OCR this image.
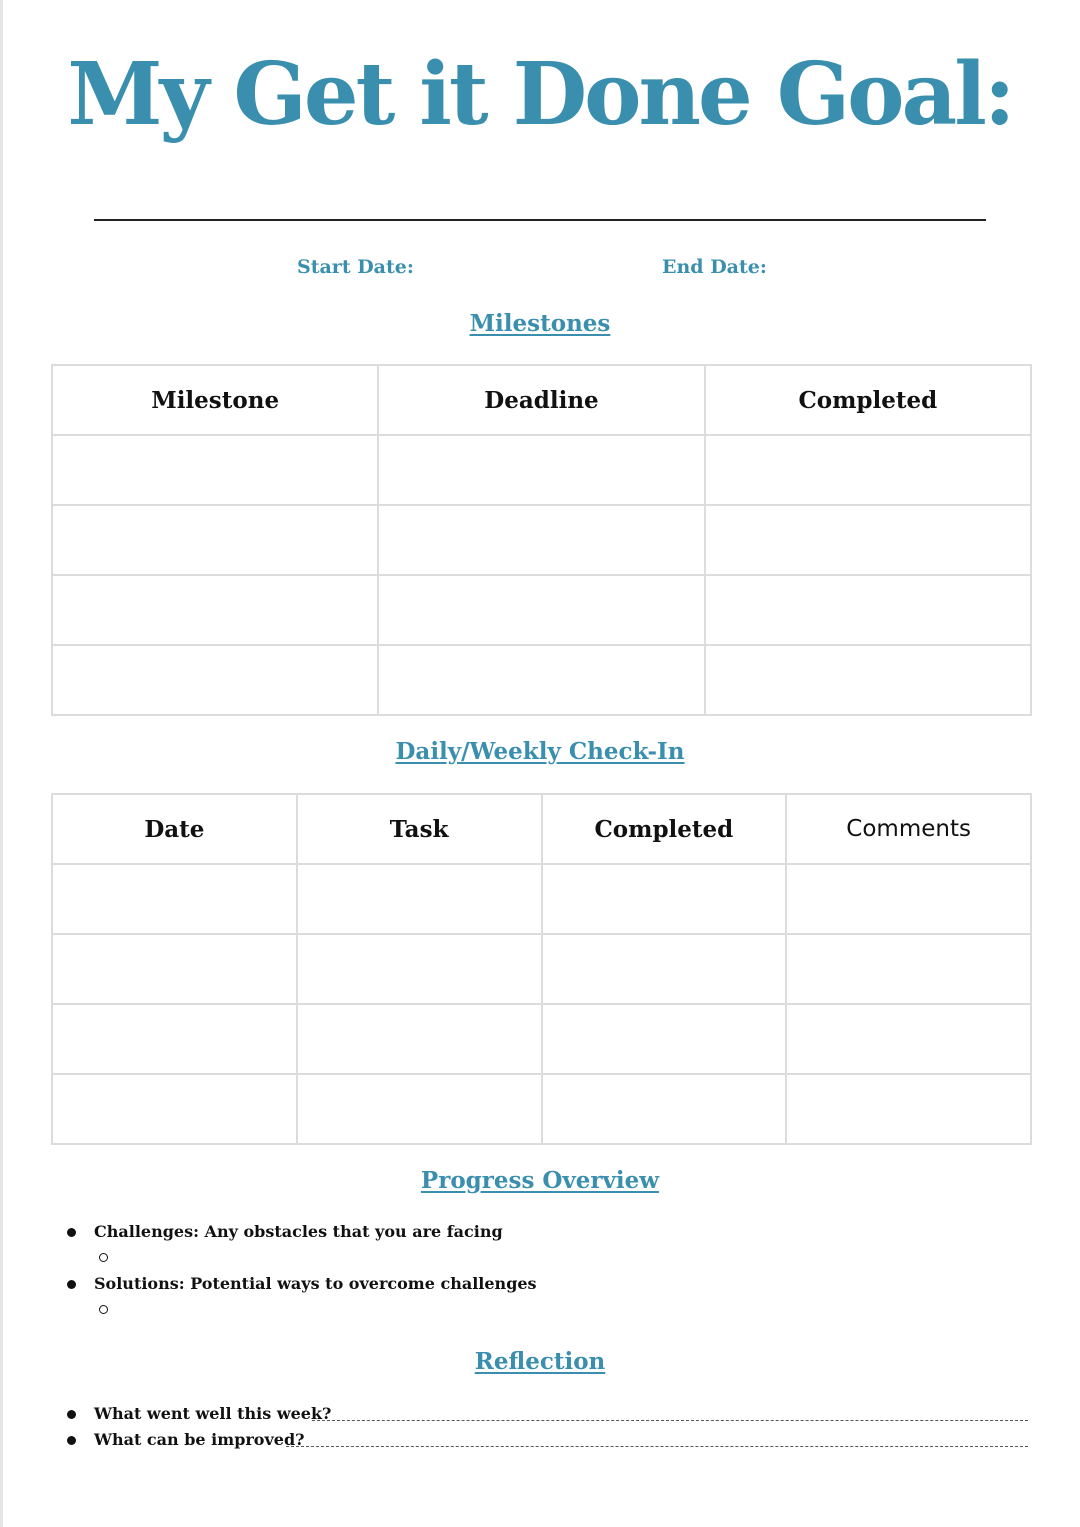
My Get it Done Goal:
Start Date:	End Date:
Milestones
Milestone	Deadline	Completed

Daily/Weekly Check-In
Date	Task	Completed	Comments

Progress Overview
Challenges: Any obstacles that you are facing
Solutions: Potential ways to overcome challenges
Reflection
What went well this week?
What can be improved?
